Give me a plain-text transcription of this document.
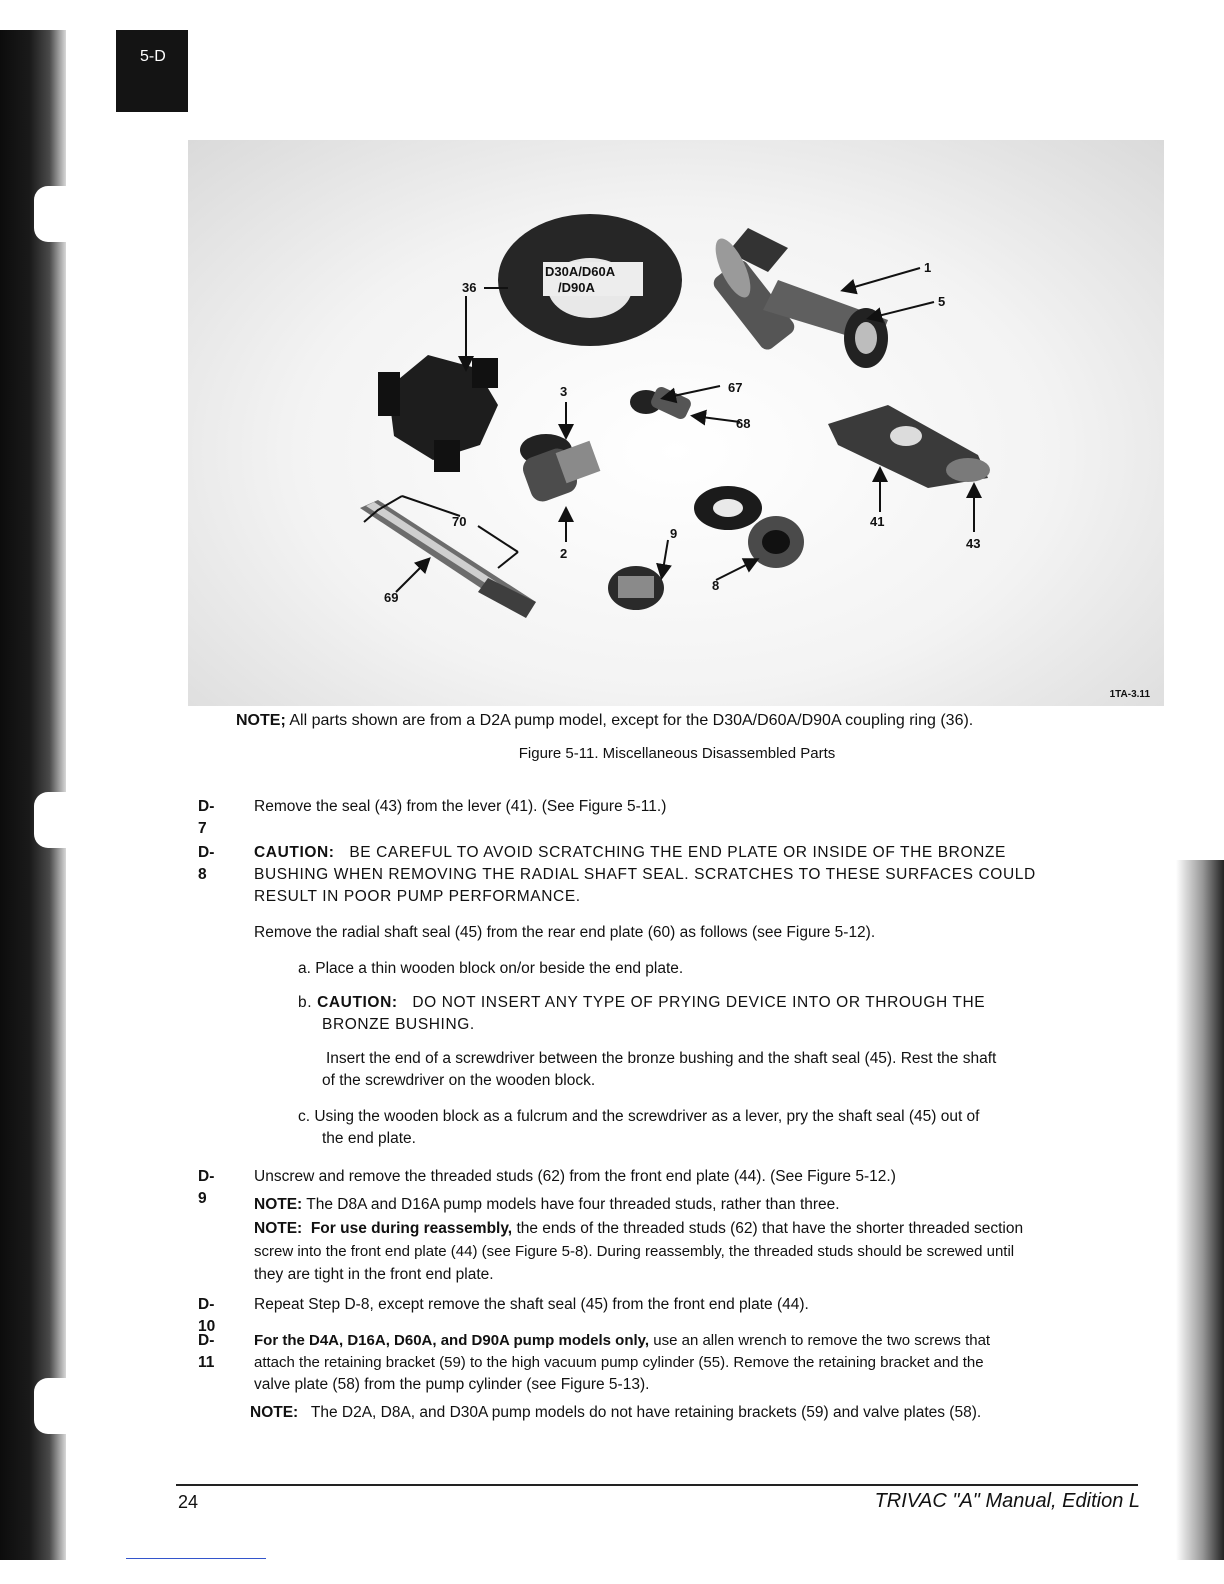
5-D
D30A/D60A
/D90A
36
1
5
3	67
68
70
2
9
8
41
43
69
1TA-3.11
NOTE; All parts shown are from a D2A pump model, except for the D30A/D60A/D90A coupling ring (36).
Figure 5-11. Miscellaneous Disassembled Parts
D-7
Remove the seal (43) from the lever (41). (See Figure 5-11.)
D-8

CAUTION: BE CAREFUL TO AVOID SCRATCHING THE END PLATE OR INSIDE OF THE BRONZE

BUSHING WHEN REMOVING THE RADIAL SHAFT SEAL. SCRATCHES TO THESE SURFACES COULD

RESULT IN POOR PUMP PERFORMANCE.

Remove the radial shaft seal (45) from the rear end plate (60) as follows (see Figure 5-12).

a. Place a thin wooden block on/or beside the end plate.

b. CAUTION: DO NOT INSERT ANY TYPE OF PRYING DEVICE INTO OR THROUGH THE

BRONZE BUSHING.

Insert the end of a screwdriver between the bronze bushing and the shaft seal (45). Rest the shaft

of the screwdriver on the wooden block.

c. Using the wooden block as a fulcrum and the screwdriver as a lever, pry the shaft seal (45) out of

the end plate.

D-9

Unscrew and remove the threaded studs (62) from the front end plate (44). (See Figure 5-12.)

NOTE: The D8A and D16A pump models have four threaded studs, rather than three.

NOTE: For use during reassembly, the ends of the threaded studs (62) that have the shorter threaded section

screw into the front end plate (44) (see Figure 5-8). During reassembly, the threaded studs should be screwed until

they are tight in the front end plate.

D-10

Repeat Step D-8, except remove the shaft seal (45) from the front end plate (44).

D-11

For the D4A, D16A, D60A, and D90A pump models only, use an allen wrench to remove the two screws that

attach the retaining bracket (59) to the high vacuum pump cylinder (55). Remove the retaining bracket and the

valve plate (58) from the pump cylinder (see Figure 5-13).

NOTE: The D2A, D8A, and D30A pump models do not have retaining brackets (59) and valve plates (58).

24	TRIVAC "A" Manual, Edition L
